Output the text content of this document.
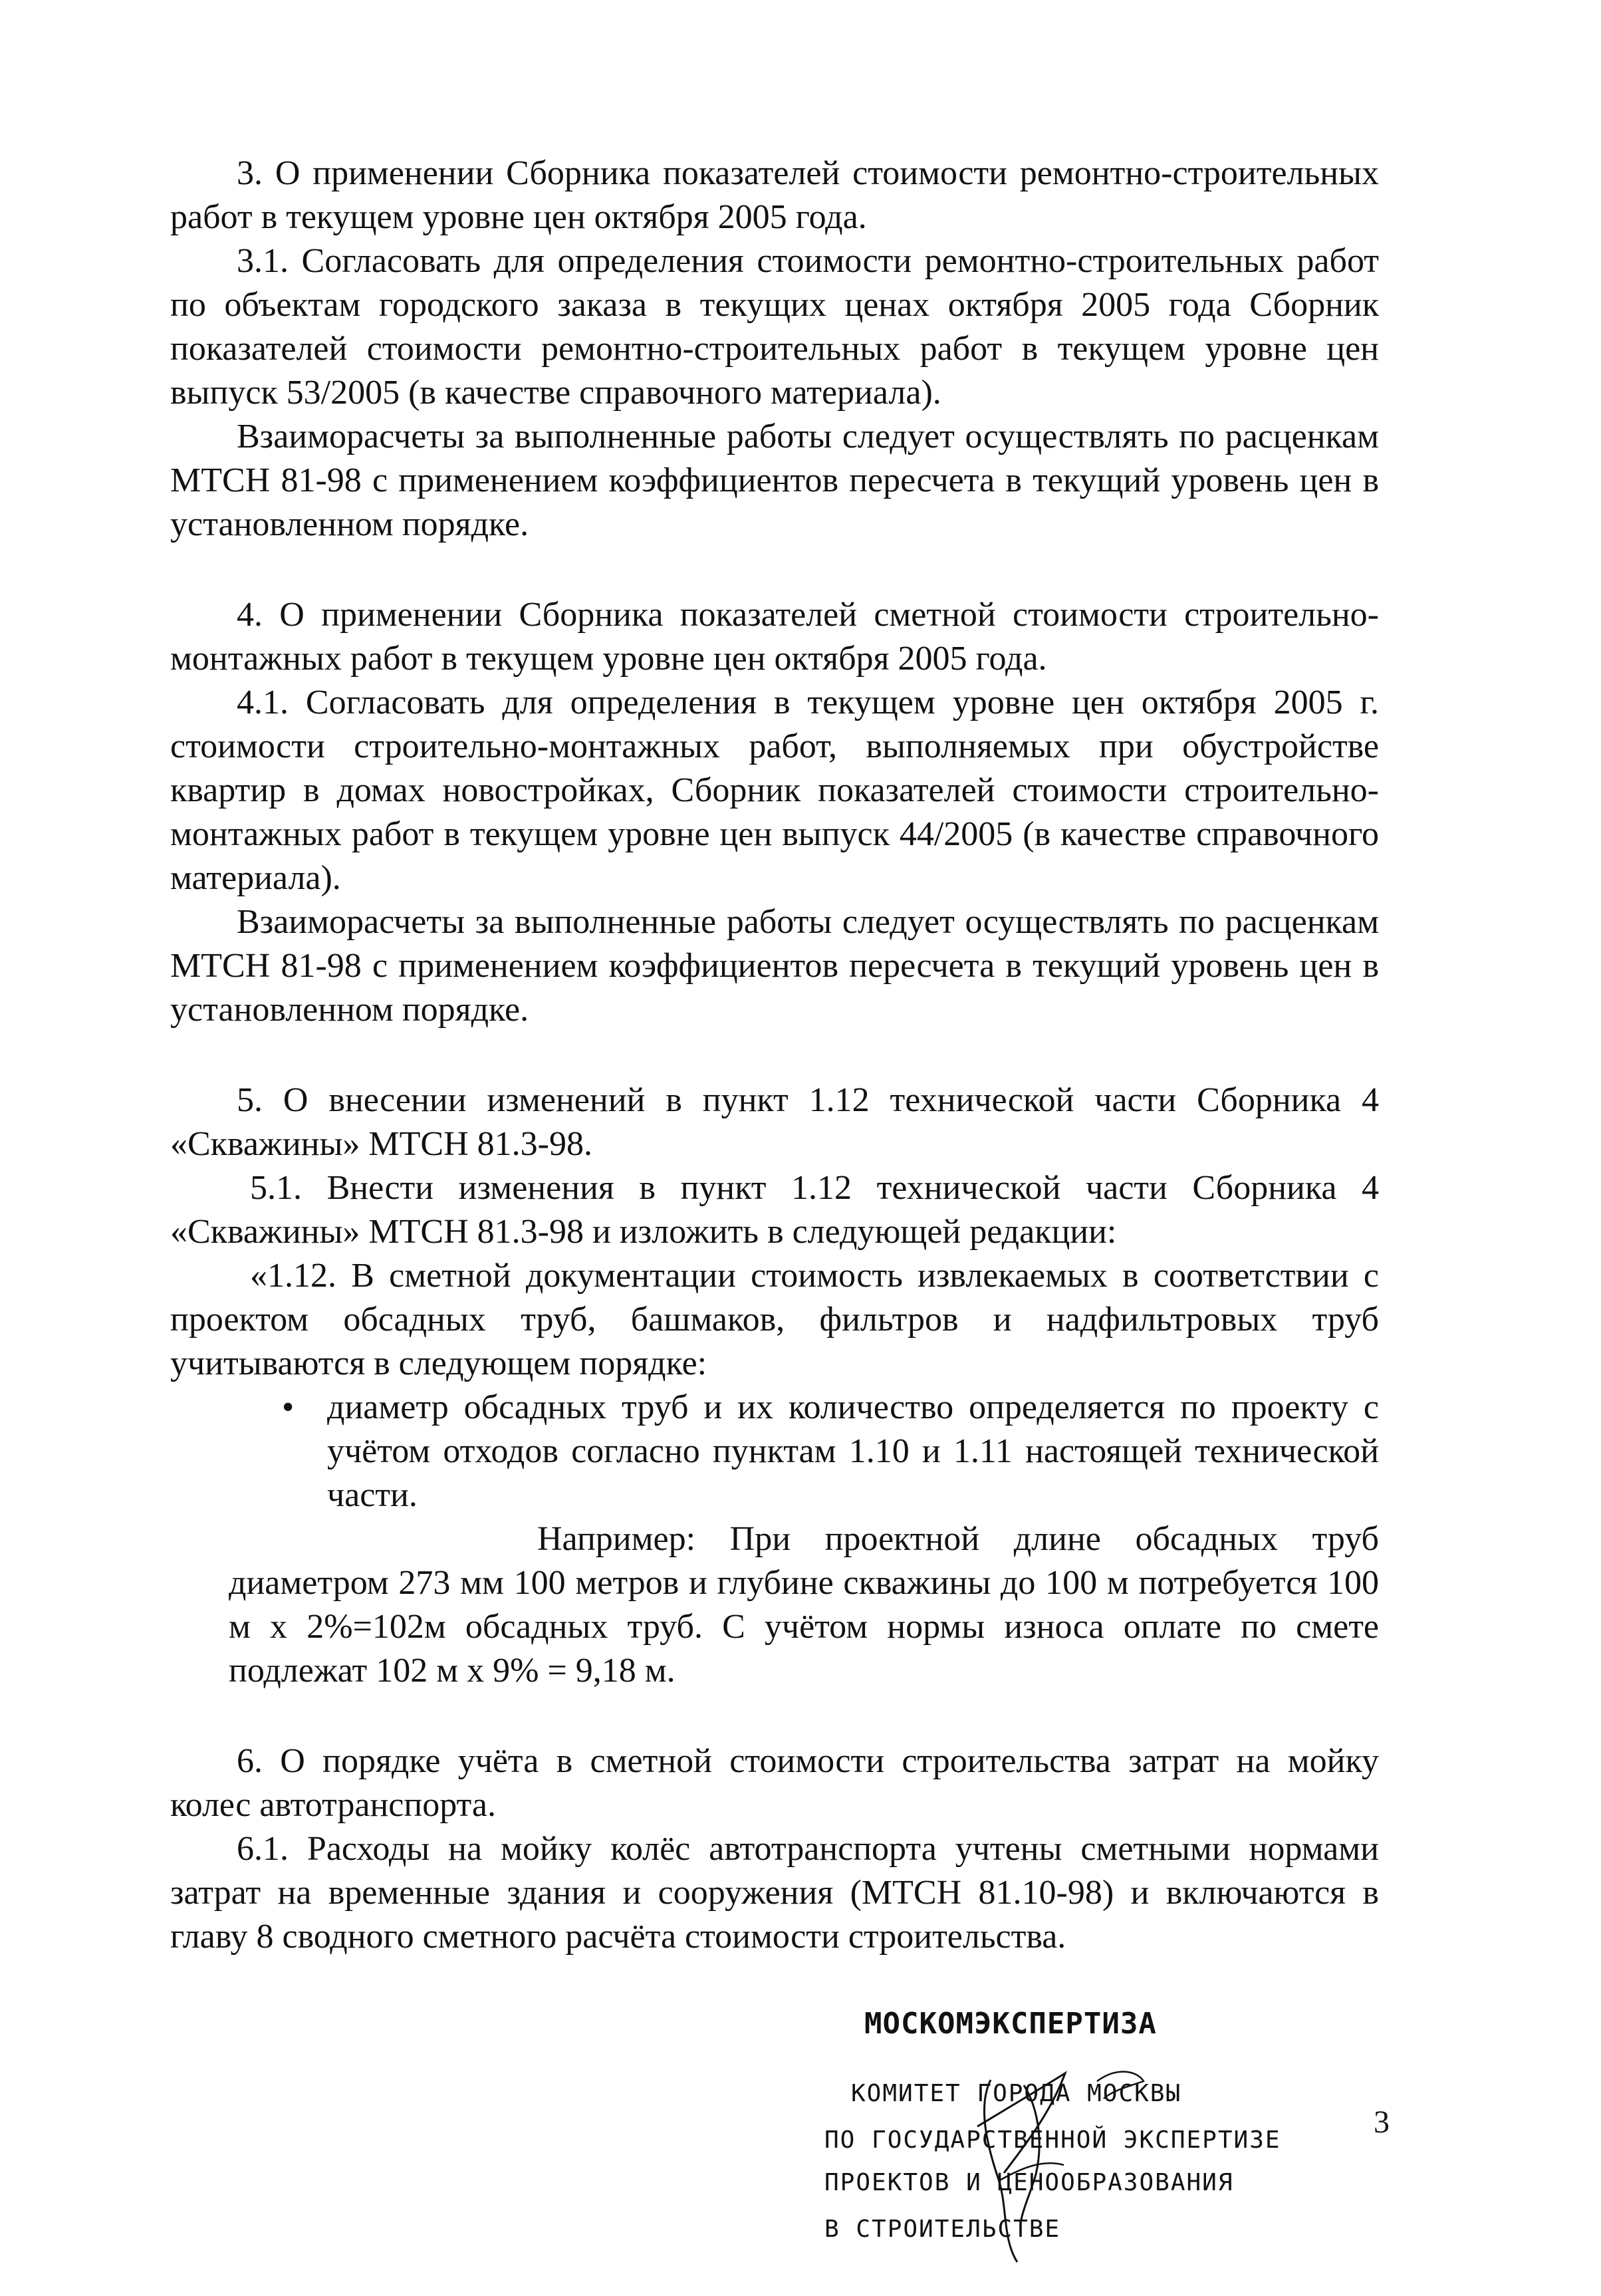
3. О применении Сборника показателей стоимости ремонтно-строительных работ в текущем уровне цен октября 2005 года.

3.1. Согласовать для определения стоимости ремонтно-строительных работ по объектам городского заказа в текущих ценах октября 2005 года Сборник показателей стоимости ремонтно-строительных работ в текущем уровне цен выпуск 53/2005 (в качестве справочного материала).

Взаиморасчеты за выполненные работы следует осуществлять по расценкам МТСН 81-98 с применением коэффициентов пересчета в текущий уровень цен в установленном порядке.

4. О применении Сборника показателей сметной стоимости строительно-монтажных работ в текущем уровне цен октября 2005 года.

4.1. Согласовать для определения в текущем уровне цен октября 2005 г. стоимости строительно-монтажных работ, выполняемых при обустройстве квартир в домах новостройках, Сборник показателей стоимости строительно-монтажных работ в текущем уровне цен выпуск 44/2005 (в качестве справочного материала).

Взаиморасчеты за выполненные работы следует осуществлять по расценкам МТСН 81-98 с применением коэффициентов пересчета в текущий уровень цен в установленном порядке.

5. О внесении изменений в пункт 1.12 технической части Сборника 4 «Скважины» МТСН 81.3-98.

5.1. Внести изменения в пункт 1.12 технической части Сборника 4 «Скважины» МТСН 81.3-98 и изложить в следующей редакции:

«1.12. В сметной документации стоимость извлекаемых в соответствии с проектом обсадных труб, башмаков, фильтров и надфильтровых труб учитываются в следующем порядке:

• диаметр обсадных труб и их количество определяется по проекту с учётом отходов согласно пунктам 1.10 и 1.11 настоящей технической части.

Например: При проектной длине обсадных труб диаметром 273 мм 100 метров и глубине скважины до 100 м потребуется 100 м х 2%=102м обсадных труб. С учётом нормы износа оплате по смете подлежат 102 м х 9% = 9,18 м.

6. О порядке учёта в сметной стоимости строительства затрат на мойку колес автотранспорта.

6.1. Расходы на мойку колёс автотранспорта учтены сметными нормами затрат на временные здания и сооружения (МТСН 81.10-98) и включаются в главу 8 сводного сметного расчёта стоимости строительства.

МОСКОМЭКСПЕРТИЗА
КОМИТЕТ ГОРОДА МОСКВЫ
ПО ГОСУДАРСТВЕННОЙ ЭКСПЕРТИЗЕ
ПРОЕКТОВ И ЦЕНООБРАЗОВАНИЯ
В СТРОИТЕЛЬСТВЕ
3
